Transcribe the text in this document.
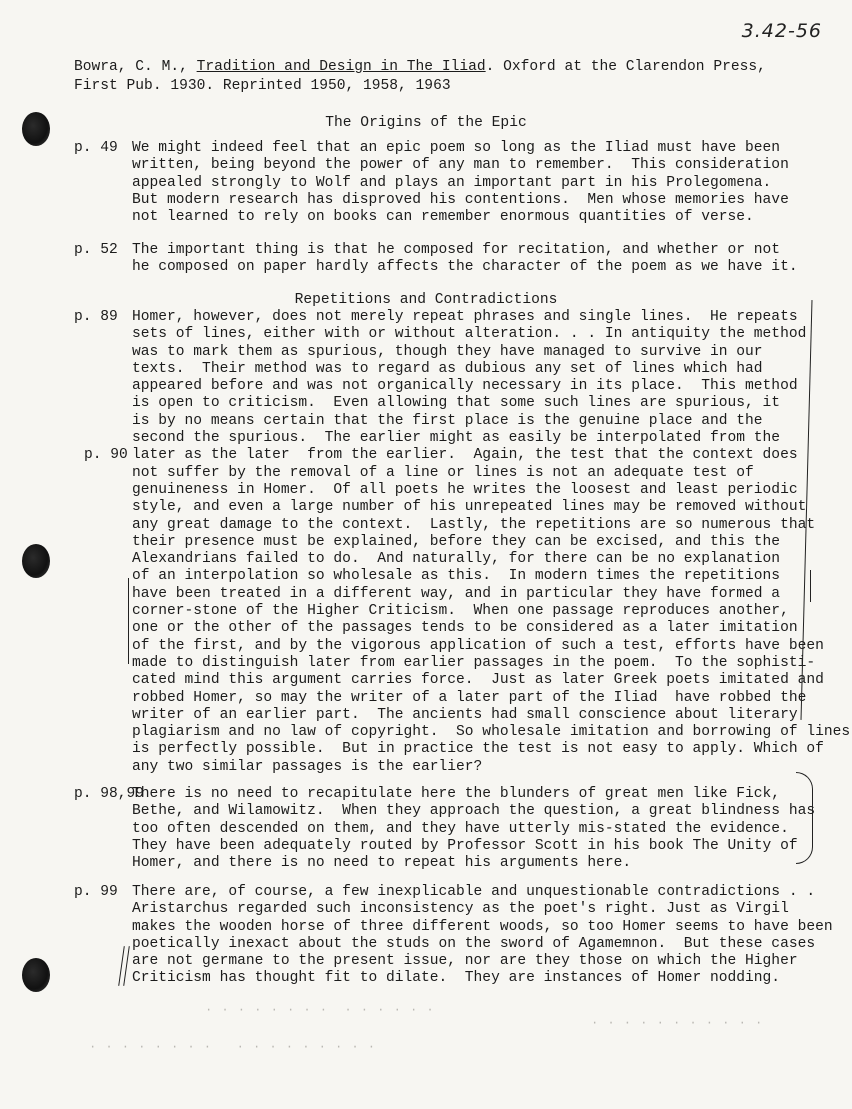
3.42-56
Bowra, C. M., Tradition and Design in The Iliad. Oxford at the Clarendon Press,
First Pub. 1930. Reprinted 1950, 1958, 1963
The Origins of the Epic
p. 49 We might indeed feel that an epic poem so long as the Iliad must have been
written, being beyond the power of any man to remember.  This consideration
appealed strongly to Wolf and plays an important part in his Prolegomena.
But modern research has disproved his contentions.  Men whose memories have
not learned to rely on books can remember enormous quantities of verse.
p. 52 The important thing is that he composed for recitation, and whether or not
he composed on paper hardly affects the character of the poem as we have it.
Repetitions and Contradictions
p. 89
p. 90
Homer, however, does not merely repeat phrases and single lines.  He repeats
sets of lines, either with or without alteration. . . In antiquity the method
was to mark them as spurious, though they have managed to survive in our
texts.  Their method was to regard as dubious any set of lines which had
appeared before and was not organically necessary in its place.  This method
is open to criticism.  Even allowing that some such lines are spurious, it
is by no means certain that the first place is the genuine place and the
second the spurious.  The earlier might as easily be interpolated from the
later as the later  from the earlier.  Again, the test that the context does
not suffer by the removal of a line or lines is not an adequate test of
genuineness in Homer.  Of all poets he writes the loosest and least periodic
style, and even a large number of his unrepeated lines may be removed without
any great damage to the context.  Lastly, the repetitions are so numerous that
their presence must be explained, before they can be excised, and this the
Alexandrians failed to do.  And naturally, for there can be no explanation
of an interpolation so wholesale as this.  In modern times the repetitions
have been treated in a different way, and in particular they have formed a
corner-stone of the Higher Criticism.  When one passage reproduces another,
one or the other of the passages tends to be considered as a later imitation
of the first, and by the vigorous application of such a test, efforts have been
made to distinguish later from earlier passages in the poem.  To the sophisti-
cated mind this argument carries force.  Just as later Greek poets imitated and
robbed Homer, so may the writer of a later part of the Iliad  have robbed the
writer of an earlier part.  The ancients had small conscience about literary
plagiarism and no law of copyright.  So wholesale imitation and borrowing of lines
is perfectly possible.  But in practice the test is not easy to apply. Which of
any two similar passages is the earlier?
p. 98,99
There is no need to recapitulate here the blunders of great men like Fick,
Bethe, and Wilamowitz.  When they approach the question, a great blindness has
too often descended on them, and they have utterly mis-stated the evidence.
They have been adequately routed by Professor Scott in his book The Unity of
Homer, and there is no need to repeat his arguments here.
p. 99 There are, of course, a few inexplicable and unquestionable contradictions . .
Aristarchus regarded such inconsistency as the poet's right. Just as Virgil
makes the wooden horse of three different woods, so too Homer seems to have been
poetically inexact about the studs on the sword of Agamemnon.  But these cases
are not germane to the present issue, nor are they those on which the Higher
Criticism has thought fit to dilate.  They are instances of Homer nodding.
· · · · · ·  · · · · · · · ·
· · · · · · · · ·   · · · · · · · ·
· · · · · · · · · · ·
